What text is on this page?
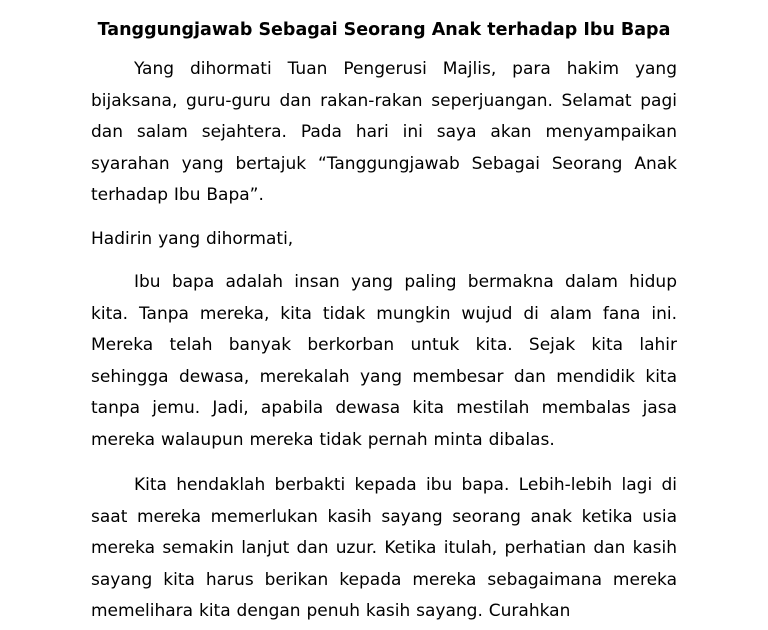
Tanggungjawab Sebagai Seorang Anak terhadap Ibu Bapa

Yang dihormati Tuan Pengerusi Majlis, para hakim yang bijaksana, guru-guru dan rakan-rakan seperjuangan. Selamat pagi dan salam sejahtera. Pada hari ini saya akan menyampaikan syarahan yang bertajuk “Tanggungjawab Sebagai Seorang Anak terhadap Ibu Bapa”.

Hadirin yang dihormati,

Ibu bapa adalah insan yang paling bermakna dalam hidup kita. Tanpa mereka, kita tidak mungkin wujud di alam fana ini. Mereka telah banyak berkorban untuk kita. Sejak kita lahir sehingga dewasa, merekalah yang membesar dan mendidik kita tanpa jemu. Jadi, apabila dewasa kita mestilah membalas jasa mereka walaupun mereka tidak pernah minta dibalas.

Kita hendaklah berbakti kepada ibu bapa. Lebih-lebih lagi di saat mereka memerlukan kasih sayang seorang anak ketika usia mereka semakin lanjut dan uzur. Ketika itulah, perhatian dan kasih sayang kita harus berikan kepada mereka sebagaimana mereka memelihara kita dengan penuh kasih sayang. Curahkan
